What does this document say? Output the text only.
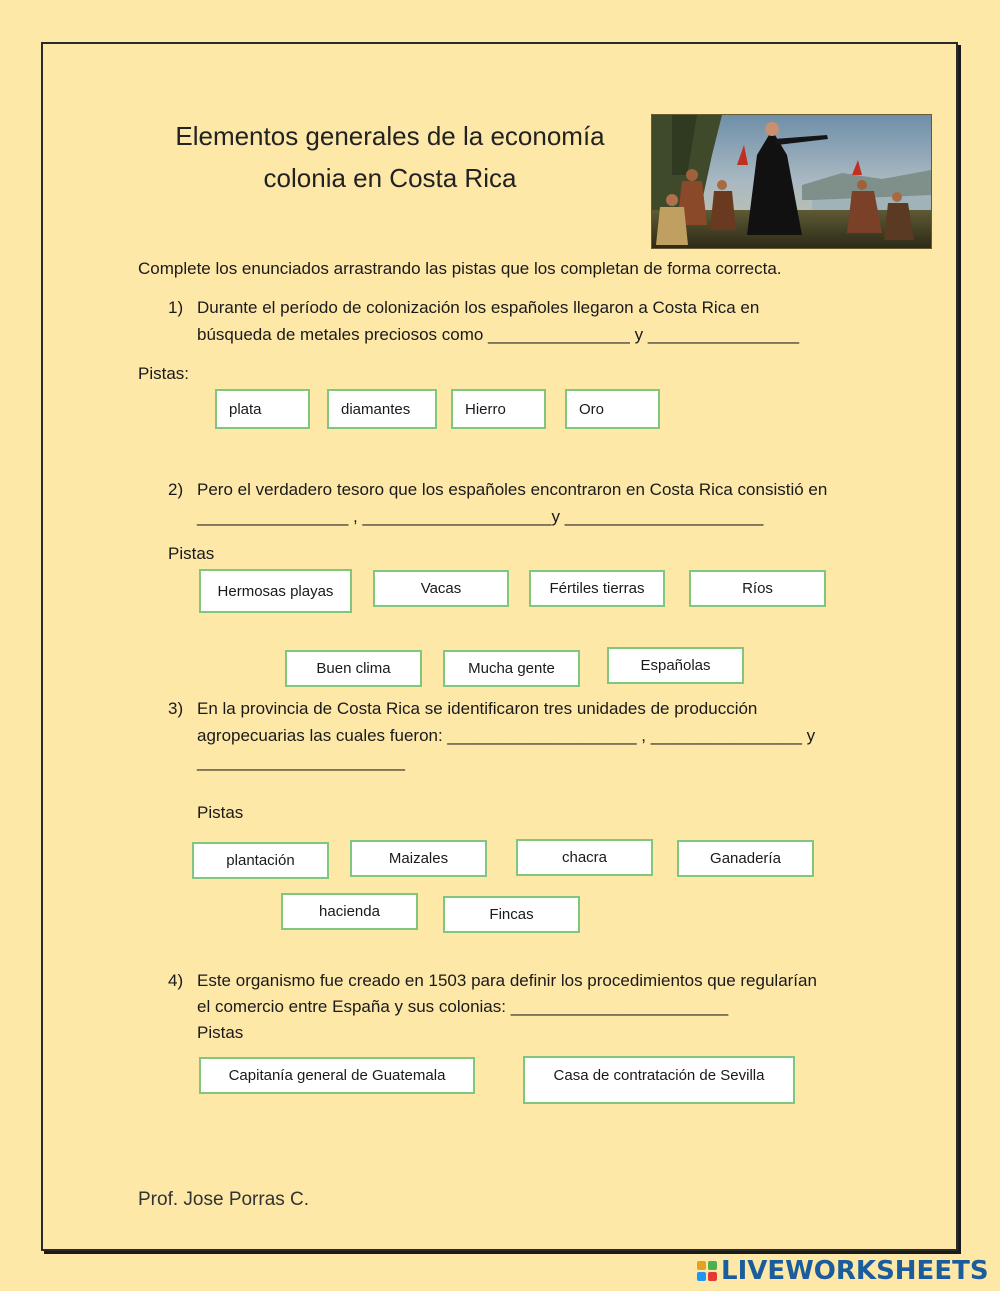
Elementos generales de la economía
colonia en Costa Rica
Complete los enunciados arrastrando las pistas que los completan de forma correcta.
1) Durante el período de colonización los españoles llegaron a Costa Rica en
búsqueda de metales preciosos como _______________ y ________________
Pistas:
plata	diamantes	Hierro	Oro
2) Pero el verdadero tesoro que los españoles encontraron en Costa Rica consistió en
________________ , ____________________y _____________________
Pistas
Hermosas playas	Vacas	Fértiles tierras	Ríos
Buen clima	Mucha gente	Españolas
3) En la provincia de Costa Rica se identificaron tres unidades de producción
agropecuarias las cuales fueron: ____________________ , ________________ y
______________________
Pistas
plantación	Maizales	chacra	Ganadería
hacienda	Fincas
4) Este organismo fue creado en 1503 para definir los procedimientos que regularían
el comercio entre España y sus colonias: _______________________
Pistas
Capitanía general de Guatemala	Casa de contratación de Sevilla
Prof. Jose Porras C.
LIVEWORKSHEETS
